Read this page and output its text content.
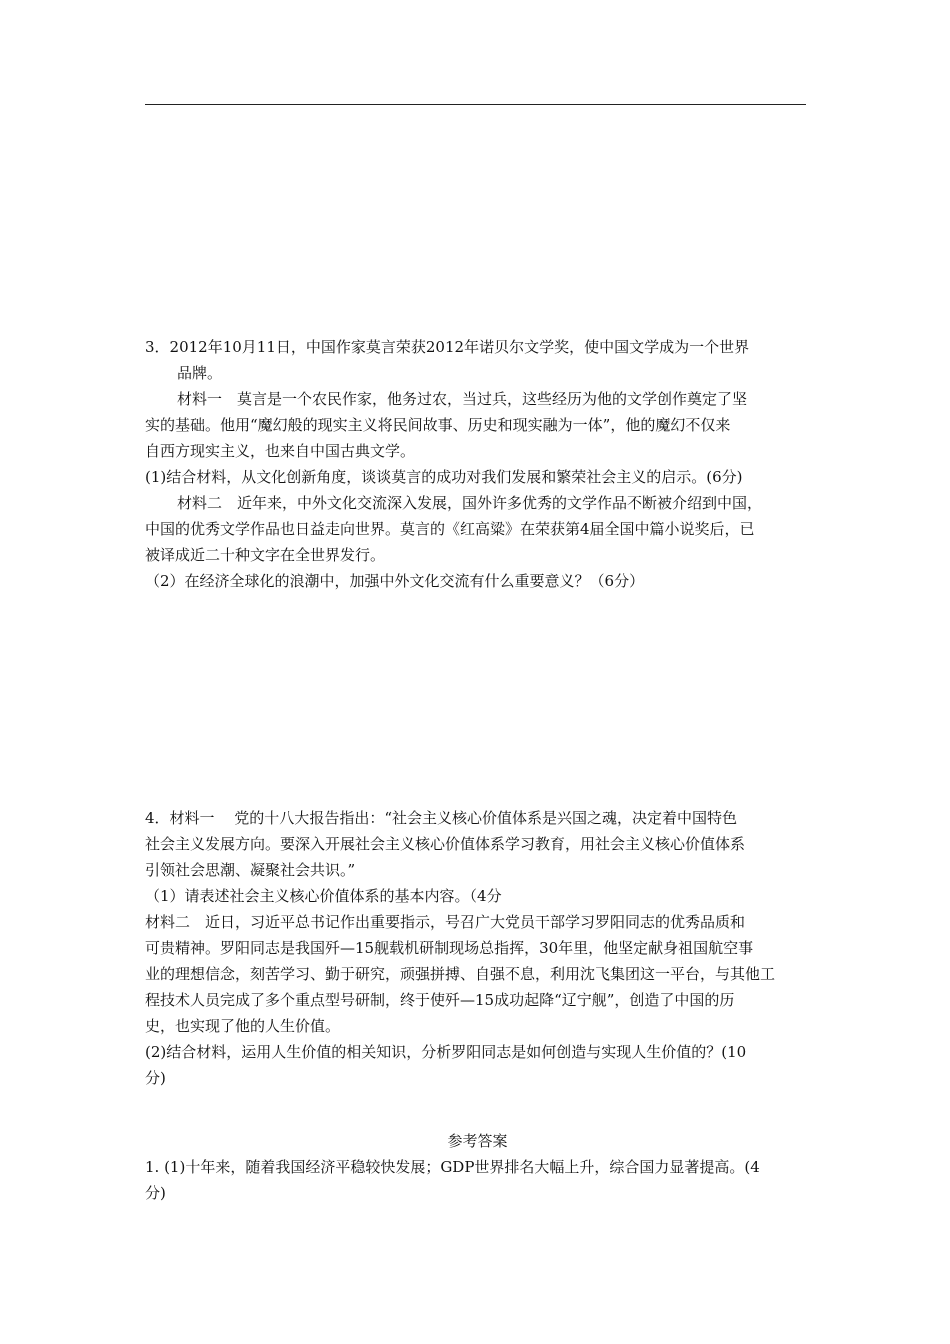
3．2012年10月11日，中国作家莫言荣获2012年诺贝尔文学奖，使中国文学成为一个世界

品牌。

材料一　莫言是一个农民作家，他务过农，当过兵，这些经历为他的文学创作奠定了坚

实的基础。他用“魔幻般的现实主义将民间故事、历史和现实融为一体”，他的魔幻不仅来

自西方现实主义，也来自中国古典文学。

(1)结合材料，从文化创新角度，谈谈莫言的成功对我们发展和繁荣社会主义的启示。(6分)

材料二　近年来，中外文化交流深入发展，国外许多优秀的文学作品不断被介绍到中国，

中国的优秀文学作品也日益走向世界。莫言的《红高粱》在荣获第4届全国中篇小说奖后，已

被译成近二十种文字在全世界发行。

（2）在经济全球化的浪潮中，加强中外文化交流有什么重要意义？（6分）

4．材料一　 党的十八大报告指出：“社会主义核心价值体系是兴国之魂，决定着中国特色

社会主义发展方向。要深入开展社会主义核心价值体系学习教育，用社会主义核心价值体系

引领社会思潮、凝聚社会共识。”

（1）请表述社会主义核心价值体系的基本内容。（4分

材料二　近日，习近平总书记作出重要指示，号召广大党员干部学习罗阳同志的优秀品质和

可贵精神。罗阳同志是我国歼—15舰载机研制现场总指挥，30年里，他坚定献身祖国航空事

业的理想信念，刻苦学习、勤于研究，顽强拼搏、自强不息，利用沈飞集团这一平台，与其他工

程技术人员完成了多个重点型号研制，终于使歼—15成功起降“辽宁舰”，创造了中国的历

史，也实现了他的人生价值。

(2)结合材料，运用人生价值的相关知识，分析罗阳同志是如何创造与实现人生价值的？(10

分)

参考答案

1. (1)十年来，随着我国经济平稳较快发展；GDP世界排名大幅上升，综合国力显著提高。(4

分)
